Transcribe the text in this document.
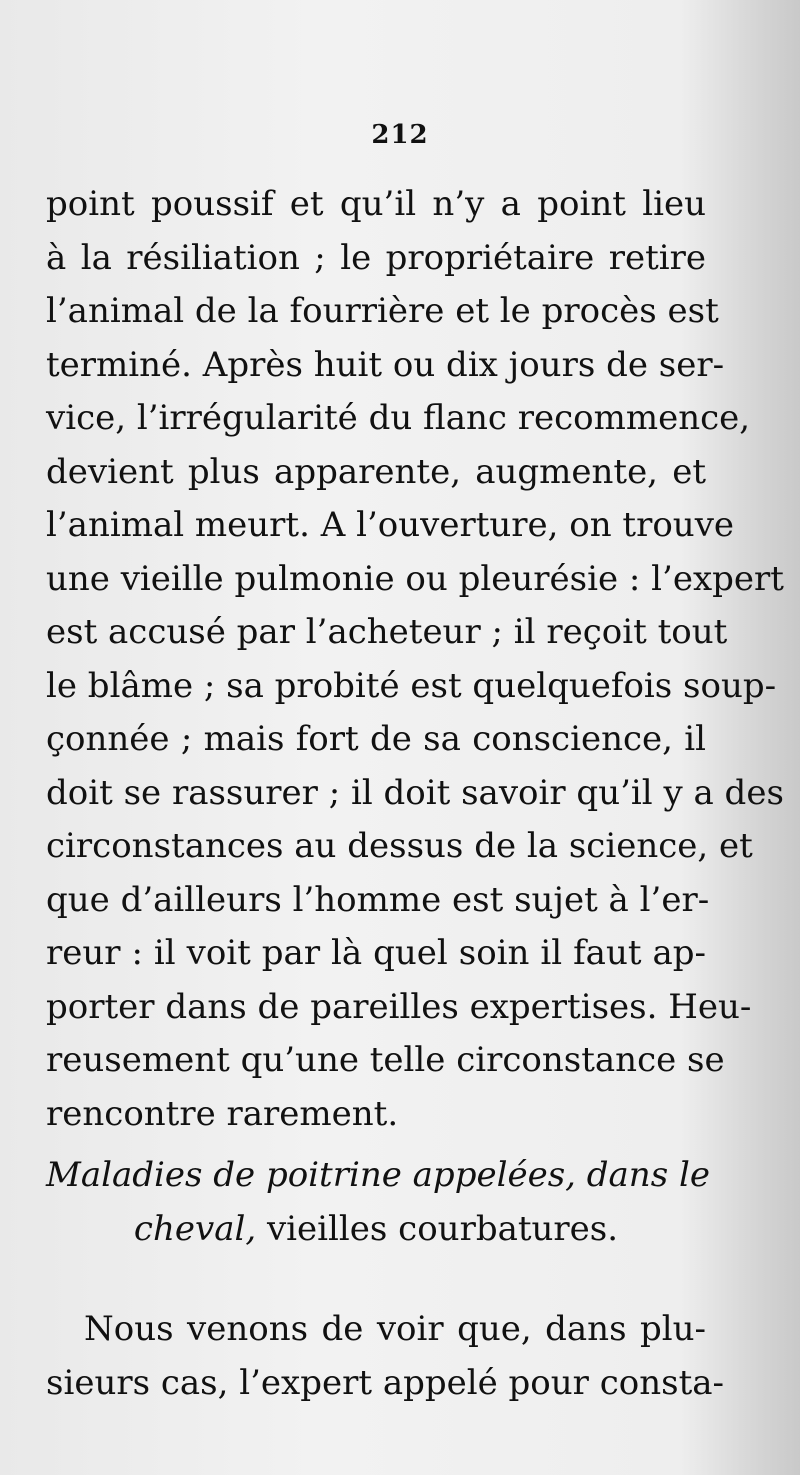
212
point poussif et qu’il n’y a point lieu
à la résiliation ; le propriétaire retire
l’animal de la fourrière et le procès est
terminé. Après huit ou dix jours de ser-
vice, l’irrégularité du flanc recommence,
devient plus apparente, augmente, et
l’animal meurt. A l’ouverture, on trouve
une vieille pulmonie ou pleurésie : l’expert
est accusé par l’acheteur ; il reçoit tout
le blâme ; sa probité est quelquefois soup-
çonnée ; mais fort de sa conscience, il
doit se rassurer ; il doit savoir qu’il y a des
circonstances au dessus de la science, et
que d’ailleurs l’homme est sujet à l’er-
reur : il voit par là quel soin il faut ap-
porter dans de pareilles expertises. Heu-
reusement qu’une telle circonstance se
rencontre rarement.
Maladies de poitrine appelées, dans le
cheval, vieilles courbatures.
Nous venons de voir que, dans plu-
sieurs cas, l’expert appelé pour consta-
